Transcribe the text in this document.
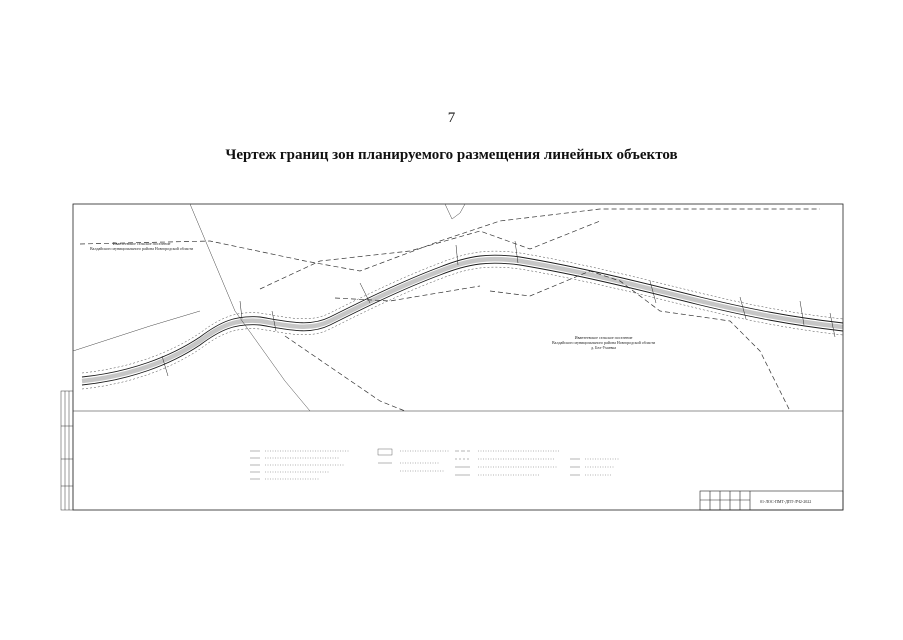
7
Чертеж границ зон планируемого размещения линейных объектов
Ивантеевское сельское поселение
Валдайского муниципального района Новгородской области
Ивантеевское сельское поселение
Валдайского муниципального района Новгородской области
д. Бел-Ухаевка
01-ЛОС-ПМТ-ДПТ-ЛЧ2-2022
